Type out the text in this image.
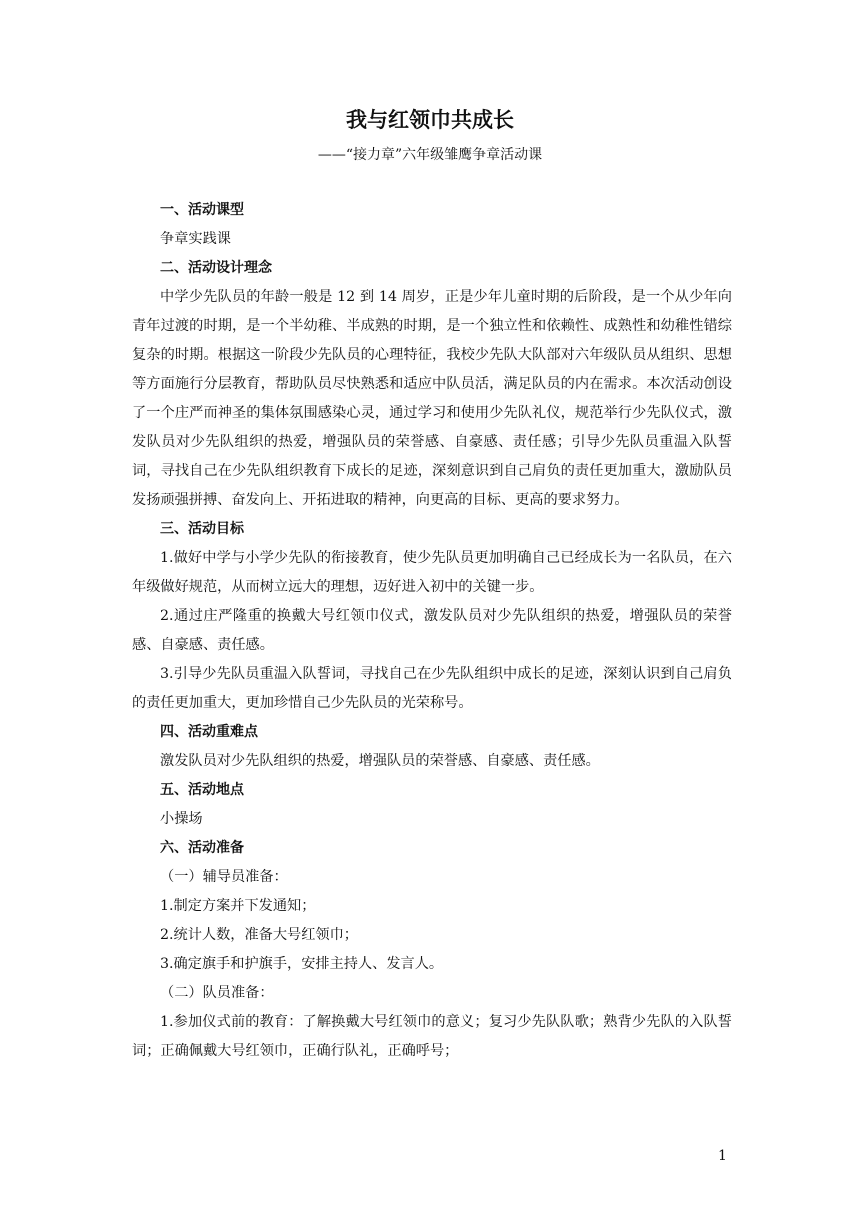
我与红领巾共成长
——“接力章”六年级雏鹰争章活动课
一、活动课型

争章实践课

二、活动设计理念

中学少先队员的年龄一般是 12 到 14 周岁，正是少年儿童时期的后阶段，是一个从少年向青年过渡的时期，是一个半幼稚、半成熟的时期，是一个独立性和依赖性、成熟性和幼稚性错综复杂的时期。根据这一阶段少先队员的心理特征，我校少先队大队部对六年级队员从组织、思想等方面施行分层教育，帮助队员尽快熟悉和适应中队员活，满足队员的内在需求。本次活动创设了一个庄严而神圣的集体氛围感染心灵，通过学习和使用少先队礼仪，规范举行少先队仪式，激发队员对少先队组织的热爱，增强队员的荣誉感、自豪感、责任感；引导少先队员重温入队誓词，寻找自己在少先队组织教育下成长的足迹，深刻意识到自己肩负的责任更加重大，激励队员发扬顽强拼搏、奋发向上、开拓进取的精神，向更高的目标、更高的要求努力。

三、活动目标

1.做好中学与小学少先队的衔接教育，使少先队员更加明确自己已经成长为一名队员，在六年级做好规范，从而树立远大的理想，迈好进入初中的关键一步。

2.通过庄严隆重的换戴大号红领巾仪式，激发队员对少先队组织的热爱，增强队员的荣誉感、自豪感、责任感。

3.引导少先队员重温入队誓词，寻找自己在少先队组织中成长的足迹，深刻认识到自己肩负的责任更加重大，更加珍惜自己少先队员的光荣称号。

四、活动重难点

激发队员对少先队组织的热爱，增强队员的荣誉感、自豪感、责任感。

五、活动地点

小操场

六、活动准备

（一）辅导员准备：

1.制定方案并下发通知；

2.统计人数，准备大号红领巾；

3.确定旗手和护旗手，安排主持人、发言人。

（二）队员准备：

1.参加仪式前的教育：了解换戴大号红领巾的意义；复习少先队队歌；熟背少先队的入队誓词；正确佩戴大号红领巾，正确行队礼，正确呼号；

1
